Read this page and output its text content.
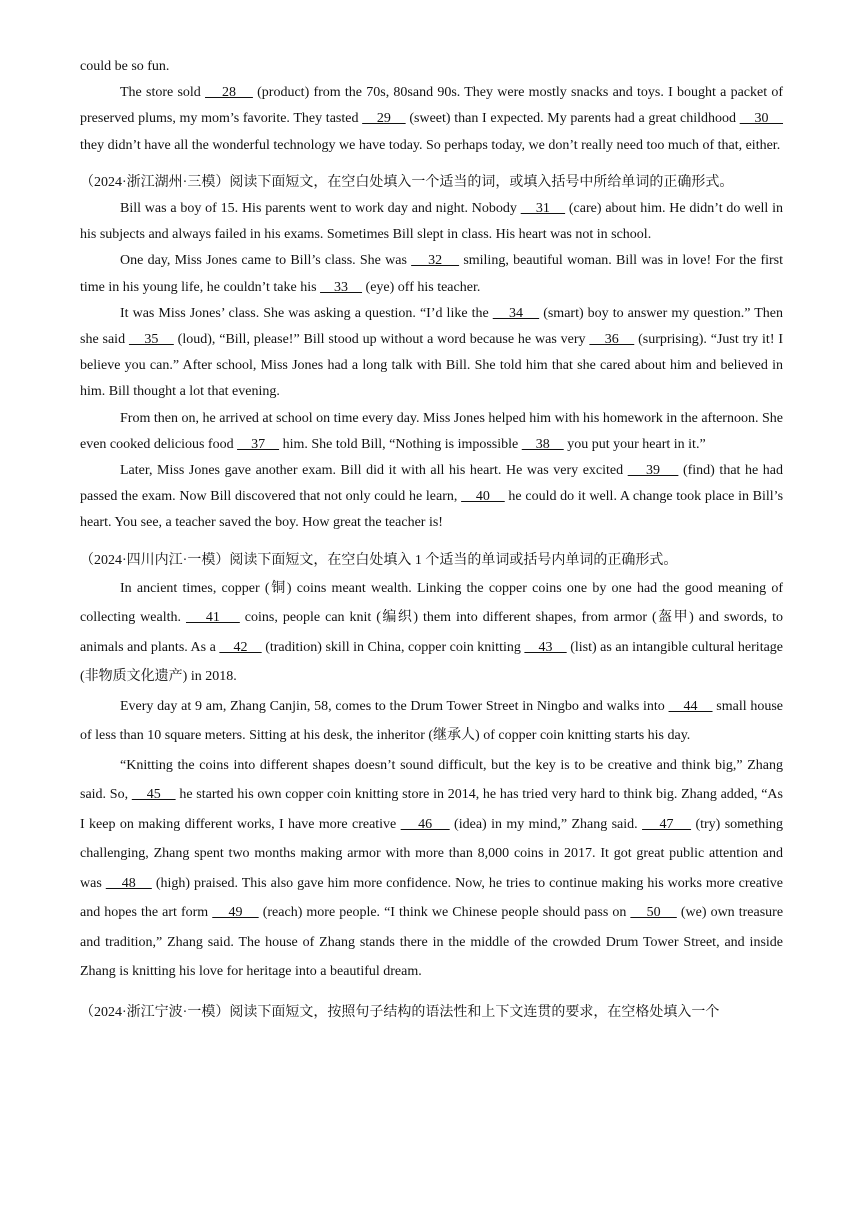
could be so fun.

The store sold     28     (product) from the 70s, 80sand 90s. They were mostly snacks and toys. I bought a packet of preserved plums, my mom’s favorite. They tasted     29     (sweet) than I expected. My parents had a great childhood     30     they didn’t have all the wonderful technology we have today. So perhaps today, we don’t really need too much of that, either.

（2024·浙江湖州·三模）阅读下面短文，在空白处填入一个适当的词，或填入括号中所给单词的正确形式。

Bill was a boy of 15. His parents went to work day and night. Nobody     31     (care) about him. He didn’t do well in his subjects and always failed in his exams. Sometimes Bill slept in class. His heart was not in school.

One day, Miss Jones came to Bill’s class. She was     32     smiling, beautiful woman. Bill was in love! For the first time in his young life, he couldn’t take his     33     (eye) off his teacher.

It was Miss Jones’ class. She was asking a question. “I’d like the     34     (smart) boy to answer my question.” Then she said     35     (loud), “Bill, please!” Bill stood up without a word because he was very     36     (surprising). “Just try it! I believe you can.” After school, Miss Jones had a long talk with Bill. She told him that she cared about him and believed in him. Bill thought a lot that evening.

From then on, he arrived at school on time every day. Miss Jones helped him with his homework in the afternoon. She even cooked delicious food     37     him. She told Bill, “Nothing is impossible     38     you put your heart in it.”

Later, Miss Jones gave another exam. Bill did it with all his heart. He was very excited     39     (find) that he had passed the exam. Now Bill discovered that not only could he learn,     40     he could do it well. A change took place in Bill’s heart. You see, a teacher saved the boy. How great the teacher is!

（2024·四川内江·一模）阅读下面短文，在空白处填入 1 个适当的单词或括号内单词的正确形式。

In ancient times, copper (铜) coins meant wealth. Linking the copper coins one by one had the good meaning of collecting wealth.     41     coins, people can knit (编织) them into different shapes, from armor (盔甲) and swords, to animals and plants. As a     42     (tradition) skill in China, copper coin knitting     43     (list) as an intangible cultural heritage (非物质文化遗产) in 2018.

Every day at 9 am, Zhang Canjin, 58, comes to the Drum Tower Street in Ningbo and walks into     44     small house of less than 10 square meters. Sitting at his desk, the inheritor (继承人) of copper coin knitting starts his day.

“Knitting the coins into different shapes doesn’t sound difficult, but the key is to be creative and think big,” Zhang said. So,     45     he started his own copper coin knitting store in 2014, he has tried very hard to think big. Zhang added, “As I keep on making different works, I have more creative     46     (idea) in my mind,” Zhang said.     47     (try) something challenging, Zhang spent two months making armor with more than 8,000 coins in 2017. It got great public attention and was     48     (high) praised. This also gave him more confidence. Now, he tries to continue making his works more creative and hopes the art form     49     (reach) more people. “I think we Chinese people should pass on     50     (we) own treasure and tradition,” Zhang said. The house of Zhang stands there in the middle of the crowded Drum Tower Street, and inside Zhang is knitting his love for heritage into a beautiful dream.

（2024·浙江宁波·一模）阅读下面短文，按照句子结构的语法性和上下文连贯的要求，在空格处填入一个
